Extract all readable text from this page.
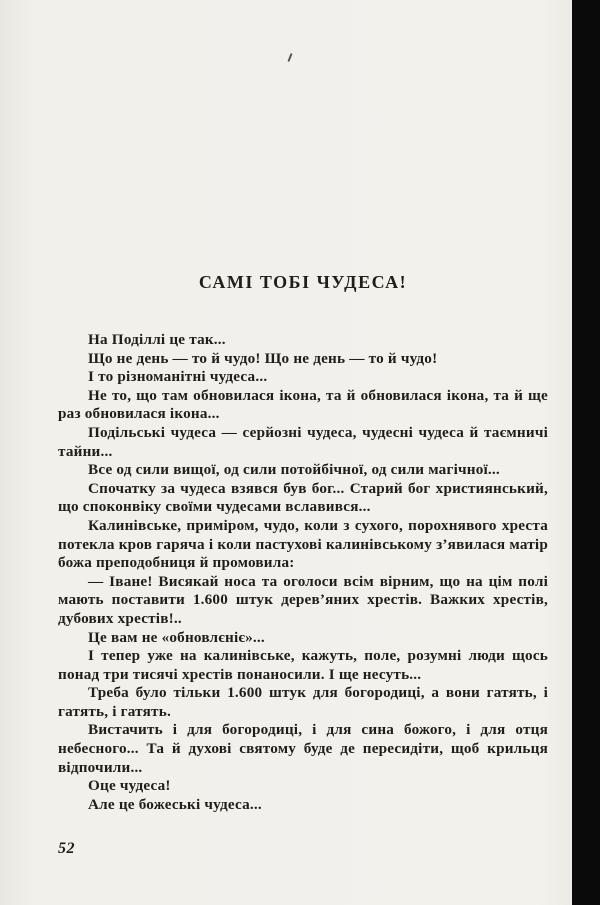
САМІ ТОБІ ЧУДЕСА!

На Поділлі це так...

Що не день — то й чудо! Що не день — то й чудо!

І то різноманітні чудеса...

Не то, що там обновилася ікона, та й обновилася ікона, та й ще раз обновилася ікона...

Подільські чудеса — серйозні чудеса, чудесні чудеса й таємничі тайни...

Все од сили вищої, од сили потойбічної, од сили магічної...

Спочатку за чудеса взявся був бог... Старий бог християнський, що споконвіку своїми чудесами вславився...

Калинівське, приміром, чудо, коли з сухого, порохнявого хреста потекла кров гаряча і коли пастухові калинівському з’явилася матір божа преподобниця й промовила:

— Іване! Висякай носа та оголоси всім вірним, що на цім полі мають поставити 1.600 штук дерев’яних хрестів. Важких хрестів, дубових хрестів!..

Це вам не «обновлєніє»...

І тепер уже на калинівське, кажуть, поле, розумні люди щось понад три тисячі хрестів понаносили. І ще несуть...

Треба було тільки 1.600 штук для богородиці, а вони гатять, і гатять, і гатять.

Вистачить і для богородиці, і для сина божого, і для отця небесного... Та й духові святому буде де пересидіти, щоб крильця відпочили...

Оце чудеса!

Але це божеські чудеса...

52
